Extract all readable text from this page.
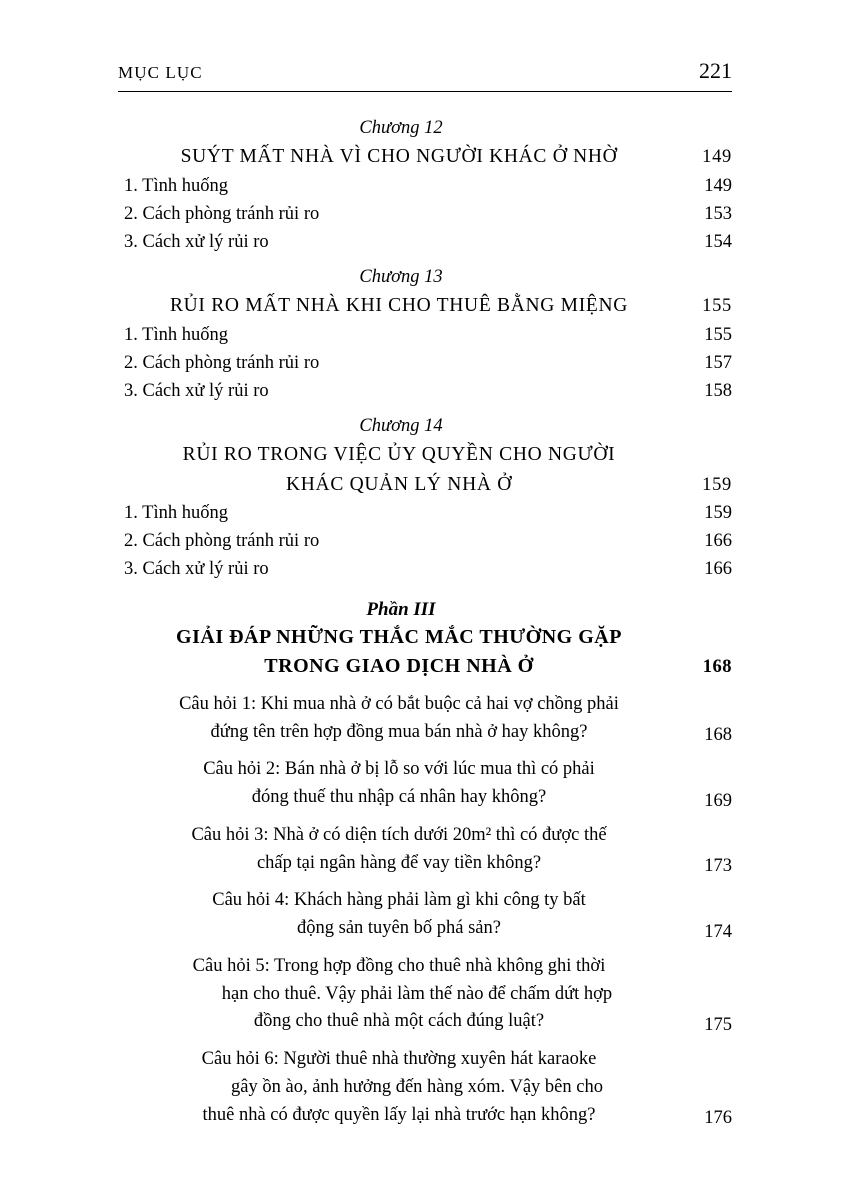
MỤC LỤC	221
Chương 12
SUÝT MẤT NHÀ VÌ CHO NGƯỜI KHÁC Ở NHỜ	149
1. Tình huống	149
2. Cách phòng tránh rủi ro	153
3. Cách xử lý rủi ro	154
Chương 13
RỦI RO MẤT NHÀ KHI CHO THUÊ BẰNG MIỆNG	155
1. Tình huống	155
2. Cách phòng tránh rủi ro	157
3. Cách xử lý rủi ro	158
Chương 14
RỦI RO TRONG VIỆC ỦY QUYỀN CHO NGƯỜI
KHÁC QUẢN LÝ NHÀ Ở	159
1. Tình huống	159
2. Cách phòng tránh rủi ro	166
3. Cách xử lý rủi ro	166
Phần III
GIẢI ĐÁP NHỮNG THẮC MẮC THƯỜNG GẶP
TRONG GIAO DỊCH NHÀ Ở	168
Câu hỏi 1: Khi mua nhà ở có bắt buộc cả hai vợ chồng phải
đứng tên trên hợp đồng mua bán nhà ở hay không?	168
Câu hỏi 2: Bán nhà ở bị lỗ so với lúc mua thì có phải
đóng thuế thu nhập cá nhân hay không?	169
Câu hỏi 3: Nhà ở có diện tích dưới 20m² thì có được thế
chấp tại ngân hàng để vay tiền không?	173
Câu hỏi 4: Khách hàng phải làm gì khi công ty bất
động sản tuyên bố phá sản?	174
Câu hỏi 5: Trong hợp đồng cho thuê nhà không ghi thời
hạn cho thuê. Vậy phải làm thế nào để chấm dứt hợp
đồng cho thuê nhà một cách đúng luật?	175
Câu hỏi 6: Người thuê nhà thường xuyên hát karaoke
gây ồn ào, ảnh hưởng đến hàng xóm. Vậy bên cho
thuê nhà có được quyền lấy lại nhà trước hạn không?	176
